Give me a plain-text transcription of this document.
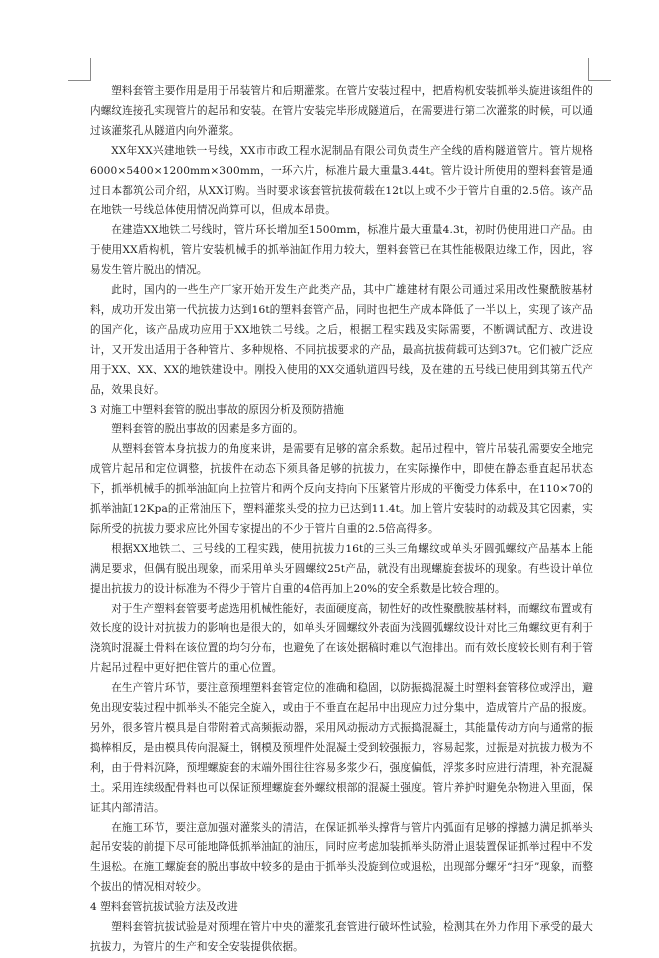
塑料套管主要作用是用于吊装管片和后期灌浆。在管片安装过程中，把盾构机安装抓举头旋进该组件的内螺纹连接孔实现管片的起吊和安装。在管片安装完毕形成隧道后，在需要进行第二次灌浆的时候，可以通过该灌浆孔从隧道内向外灌浆。

XX年XX兴建地铁一号线，XX市市政工程水泥制品有限公司负责生产全线的盾构隧道管片。管片规格6000×5400×1200mm×300mm，一环六片，标准片最大重量3.44t。管片设计所使用的塑料套管是通过日本都筑公司介绍，从XX订购。当时要求该套管抗拔荷载在12t以上或不少于管片自重的2.5倍。该产品在地铁一号线总体使用情况尚算可以，但成本昂贵。

在建造XX地铁二号线时，管片环长增加至1500mm，标准片最大重量4.3t，初时仍使用进口产品。由于使用XX盾构机，管片安装机械手的抓举油缸作用力较大，塑料套管已在其性能极限边缘工作，因此，容易发生管片脱出的情况。

此时，国内的一些生产厂家开始开发生产此类产品，其中广雄建材有限公司通过采用改性聚酰胺基材料，成功开发出第一代抗拔力达到16t的塑料套管产品，同时也把生产成本降低了一半以上，实现了该产品的国产化，该产品成功应用于XX地铁二号线。之后，根据工程实践及实际需要，不断调试配方、改进设计，又开发出适用于各种管片、多种规格、不同抗拔要求的产品，最高抗拔荷载可达到37t。它们被广泛应用于XX、XX、XX的地铁建设中。刚投入使用的XX交通轨道四号线，及在建的五号线已使用到其第五代产品，效果良好。

3 对施工中塑料套管的脱出事故的原因分析及预防措施

塑料套管的脱出事故的因素是多方面的。

从塑料套管本身抗拔力的角度来讲，是需要有足够的富余系数。起吊过程中，管片吊装孔需要安全地完成管片起吊和定位调整，抗拔件在动态下须具备足够的抗拔力，在实际操作中，即使在静态垂直起吊状态下，抓举机械手的抓举油缸向上拉管片和两个反向支持向下压紧管片形成的平衡受力体系中，在110×70的抓举油缸12Kpa的正常油压下，塑料灌浆头受的拉力已达到11.4t。加上管片安装时的动载及其它因素，实际所受的抗拔力要求应比外国专家提出的不少于管片自重的2.5倍高得多。

根据XX地铁二、三号线的工程实践，使用抗拔力16t的三头三角螺纹或单头牙圆弧螺纹产品基本上能满足要求，但偶有脱出现象，而采用单头牙圆螺纹25t产品，就没有出现螺旋套拔坏的现象。有些设计单位提出抗拔力的设计标准为不得少于管片自重的4倍再加上20%的安全系数是比较合理的。

对于生产塑料套管要考虑选用机械性能好，表面硬度高，韧性好的改性聚酰胺基材料，而螺纹布置或有效长度的设计对抗拔力的影响也是很大的，如单头牙圆螺纹外表面为浅圆弧螺纹设计对比三角螺纹更有利于浇筑时混凝土骨料在该位置的均匀分布，也避免了在该处据稿时难以气泡排出。而有效长度较长则有利于管片起吊过程中更好把住管片的重心位置。

在生产管片环节，要注意预埋塑料套管定位的准确和稳固，以防振捣混凝土时塑料套管移位或浮出，避免出现安装过程中抓举头不能完全旋入，或由于不垂直在起吊中出现应力过分集中，造成管片产品的报废。另外，很多管片模具是自带附着式高频振动器，采用风动振动方式振捣混凝土，其能量传动方向与通常的振捣棒相反，是由模具传向混凝土，钢模及预埋件处混凝土受到较强振力，容易起浆，过振是对抗拔力极为不利，由于骨料沉降，预埋螺旋套的末端外围往往容易多浆少石，强度偏低，浮浆多时应进行清理，补充混凝土。采用连续级配骨料也可以保证预埋螺旋套外螺纹根部的混凝土强度。管片养护时避免杂物进入里面，保证其内部清洁。

在施工环节，要注意加强对灌浆头的清洁，在保证抓举头撑背与管片内弧面有足够的撑撼力满足抓举头起吊安装的前提下尽可能地降低抓举油缸的油压，同时应考虑加装抓举头防滑止退装置保证抓举过程中不发生退松。在施工螺旋套的脱出事故中较多的是由于抓举头没旋到位或退松，出现部分螺牙“扫牙”现象，而整个拔出的情况相对较少。

4 塑料套管抗拔试验方法及改进

塑料套管抗拔试验是对预埋在管片中央的灌浆孔套管进行破坏性试验，检测其在外力作用下承受的最大抗拔力，为管片的生产和安全安装提供依据。
